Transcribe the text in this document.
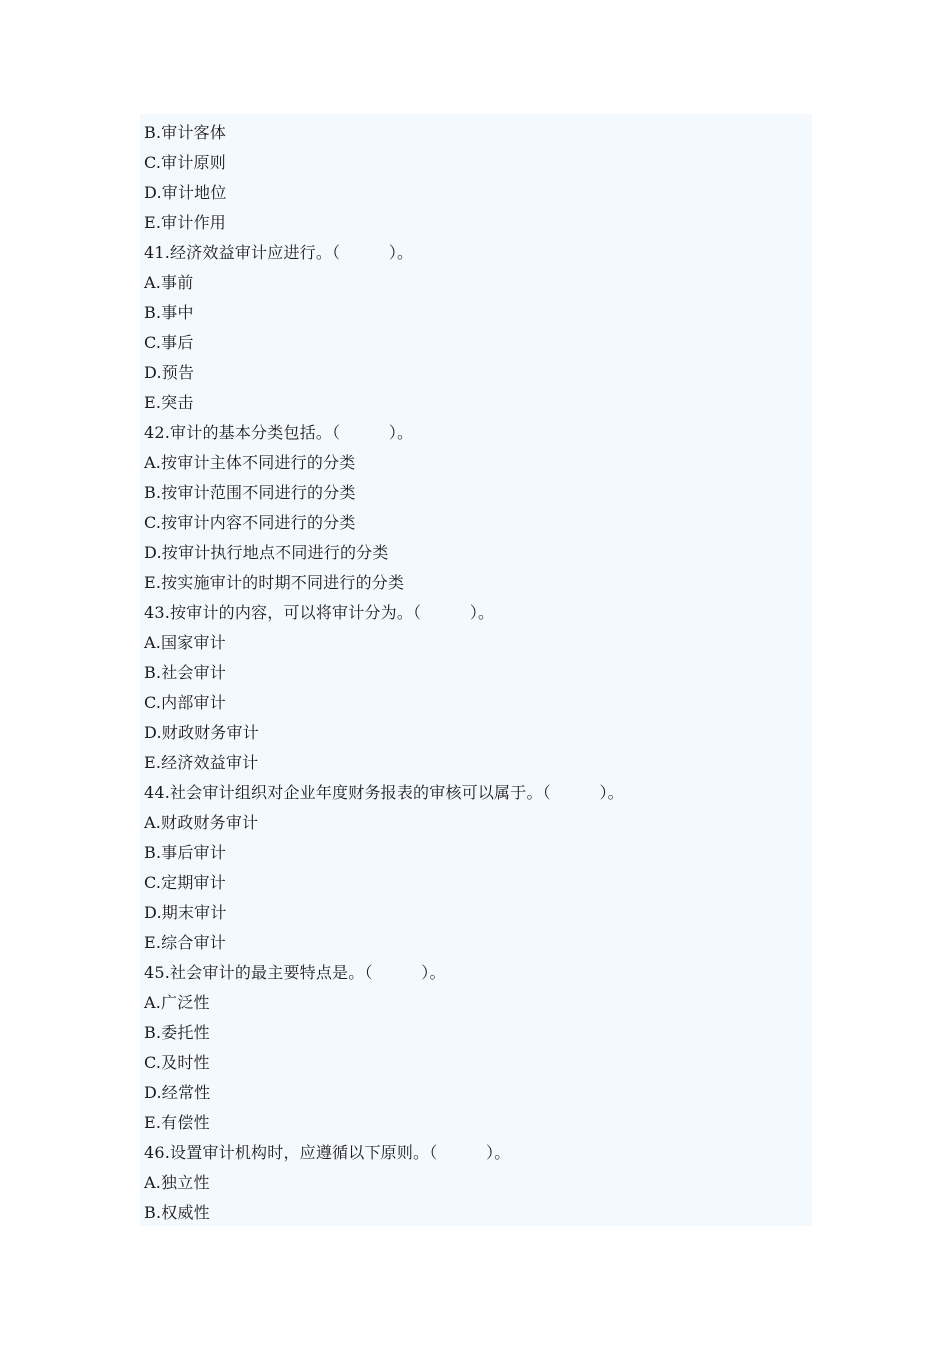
B.审计客体
C.审计原则
D.审计地位
E.审计作用
41.经济效益审计应进行。（　　　）。
A.事前
B.事中
C.事后
D.预告
E.突击
42.审计的基本分类包括。（　　　）。
A.按审计主体不同进行的分类
B.按审计范围不同进行的分类
C.按审计内容不同进行的分类
D.按审计执行地点不同进行的分类
E.按实施审计的时期不同进行的分类
43.按审计的内容，可以将审计分为。（　　　）。
A.国家审计
B.社会审计
C.内部审计
D.财政财务审计
E.经济效益审计
44.社会审计组织对企业年度财务报表的审核可以属于。（　　　）。
A.财政财务审计
B.事后审计
C.定期审计
D.期末审计
E.综合审计
45.社会审计的最主要特点是。（　　　）。
A.广泛性
B.委托性
C.及时性
D.经常性
E.有偿性
46.设置审计机构时，应遵循以下原则。（　　　）。
A.独立性
B.权威性
